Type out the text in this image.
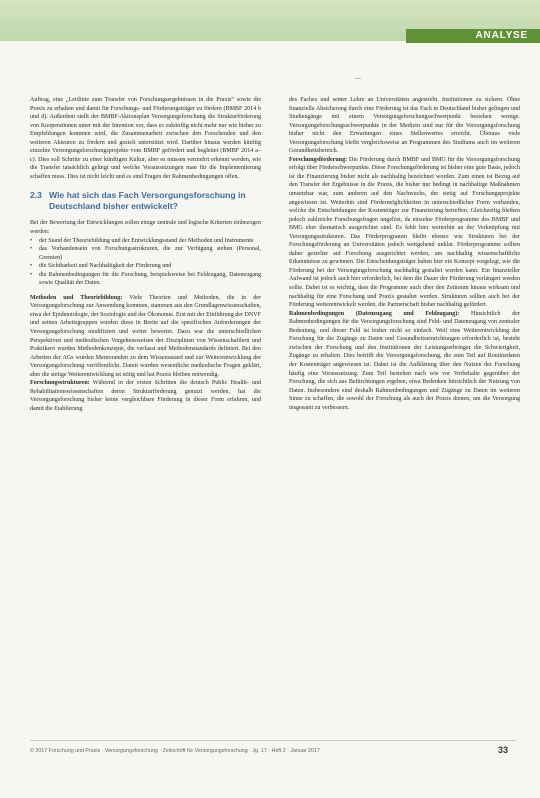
ANALYSE

Auftrag, eine „Leitlinie zum Transfer von Forschungsergebnissen in die Praxis“ sowie die Praxis zu erhalten und damit für Forschungs- und Förderungsträger zu fördern (BMBF 2014 b und d). Außerdem stellt der BMBF-Aktionsplan Versorgungsforschung die Strukturförderung von Kooperationen unter mit der Intention vor, dass es zukünftig nicht mehr nur wie bisher zu Empfehlungen kommen wird, die Zusammenarbeit zwischen den Forschenden und den weiteren Akteuren zu fördern und gezielt unterstützt wird. Darüber hinaus werden künftig einzelne Versorgungsforschungsprojekte vom BMBF gefördert und begleitet (BMBF 2014 a–c). Dies soll Schritte zu einer künftigen Kultur, aber es müssen vermehrt erkennt werden, wie die Transfer tatsächlich gelingt und welche Voraussetzungen man für die Implementierung schaffen muss. Dies ist nicht leicht und es sind Fragen der Rahmenbedingungen offen.

2.3 Wie hat sich das Fach Versorgungsforschung in Deutschland bisher entwickelt?

Bei der Bewertung der Entwicklungen sollen einige zentrale und logische Kriterien einbezogen werden:

• der Stand der Theoriebildung und der Entwicklungsstand der Methoden und Instrumente
• das Vorhandensein von Forschungsstrukturen, die zur Verfügung stehen (Personal, Gremien)
• die Sichtbarkeit und Nachhaltigkeit der Förderung und
• die Rahmenbedingungen für die Forschung, beispielsweise bei Feldzugang, Datenzugang sowie Qualität der Daten.

Methoden und Theoriebildung: Viele Theorien und Methoden, die in der Versorgungsforschung zur Anwendung kommen, stammen aus den Grundlagenwissenschaften, etwa der Epidemiologie, der Soziologie und der Ökonomie. Erst mit der Einführung der DNVF und seinen Arbeitsgruppen wurden diese in Breite auf die spezifischen Anforderungen der Versorgungsforschung modifiziert und weiter bewertet. Dazu war die unterschiedlichen Perspektiven und methodischen Vorgehensweisen der Disziplinen von Wissenschaftlern und Praktikern wurden Methodenkonzepte, die verfasst und Methodenstandards definiert. Bei den Arbeiten der AGs wurden Memoranden zu dem Wissensstand und zur Weiterentwicklung der Versorgungsforschung veröffentlicht. Damit wurden wesentliche methodische Fragen geklärt, aber die stetige Weiterentwicklung ist nötig und hat Praxis bleiben notwendig.

Forschungsstrukturen: Während in der ersten Schritten die deutsch Public Health- und Rehabilitationswissenschaften deren Strukturförderung genutzt werden, hat die Versorgungsforschung bisher keine vergleichbare Förderung in dieser Form erfahren, und damit die Etablierung

des Faches und seiner Lehre an Universitäten angestrebt. Institutionen zu sichern. Ohne finanzielle Absicherung durch eine Förderung ist das Fach in Deutschland bisher gelingen und Studiengänge mit einem Versorgungsforschungsschwerpunkt bestehen wenige. Versorgungsforschungsschwerpunkte in der Medizin sind nur für die Versorgungsforschung bisher nicht den Erwartungen eines Stellenwertes erreicht. Überaus viele Versorgungsforschung bleibt vergleichsweise an Programmen des Studiums auch im weiteren Gesundheitsbereich.

Forschungsförderung: Die Förderung durch BMBF und BMG für die Versorgungsforschung erfolgt über Förderschwerpunkte. Diese Forschungsförderung ist bisher eine gute Basis, jedoch ist die Finanzierung bisher nicht als nachhaltig bezeichnet worden. Zum einen ist Bezug auf den Transfer der Ergebnisse in die Praxis, die bisher nur bedingt in nachhaltige Maßnahmen umsetzbar war, zum anderen auf den Nachwuchs, der stetig auf Forschungsprojekte angewiesen ist. Weiterhin sind Fördermöglichkeiten in unterschiedlicher Form vorhanden, welche die Entscheidungen der Kostenträger zur Finanzierung betreffen. Gleichzeitig bleiben jedoch zahlreiche Forschungsfragen ungelöst, da einzelne Förderprogramme des BMBF und BMG eher thematisch ausgerichtet sind. Es fehlt hier weiterhin an der Verknüpfung mit Versorgungsstrukturen. Das Förderprogramm bleibt ebenso wie Strukturen bei der Forschungsförderung an Universitäten jedoch weitgehend unklar. Förderprogramme sollten daher gezielter auf Forschung ausgerichtet werden, um nachhaltig wissenschaftliche Erkenntnisse zu gewinnen. Die Entscheidungsträger haben hier ein Konzept vorgelegt, wie die Förderung bei der Versorgungsforschung nachhaltig gestaltet werden kann. Ein finanzieller Aufwand ist jedoch auch hier erforderlich, bei dem die Dauer der Förderung verlängert werden sollte. Dabei ist es wichtig, dass die Programme auch über den Zeitraum hinaus wirksam und nachhaltig für eine Forschung und Praxis gestaltet werden. Strukturen sollten auch bei der Förderung weiterentwickelt werden, die Partnerschaft bisher nachhaltig gefördert.

Rahmenbedingungen (Datenzugang und Feldzugang): Hinsichtlich der Rahmenbedingungen für die Versorgungsforschung sind Feld- und Datenzugang von zentraler Bedeutung, und dieser Feld ist bisher nicht so einfach. Weil eine Weiterentwicklung der Forschung für die Zugänge zu Daten und Gesundheitseinrichtungen erforderlich ist, besteht zwischen der Forschung und den Institutionen der Leistungserbringer die Schwierigkeit, Zugänge zu erhalten. Dies betrifft die Versorgungsforschung, die zum Teil auf Routinedaten der Kostenträger angewiesen ist. Dabei ist die Aufklärung über den Nutzen der Forschung häufig eine Voraussetzung. Zum Teil bestehen nach wie vor Vorbehalte gegenüber der Forschung, die sich aus Befürchtungen ergeben, etwa Bedenken hinsichtlich der Nutzung von Daten. Insbesondere sind deshalb Rahmenbedingungen und Zugänge zu Daten im weiteren Sinne zu schaffen, die sowohl der Forschung als auch der Praxis dienen, um die Versorgung insgesamt zu verbessern.

© 2017 Forschung und Praxis · Versorgungsforschung · Zeitschrift für Versorgungsforschung · Jg. 17 · Heft 2 · Januar 2017	33
